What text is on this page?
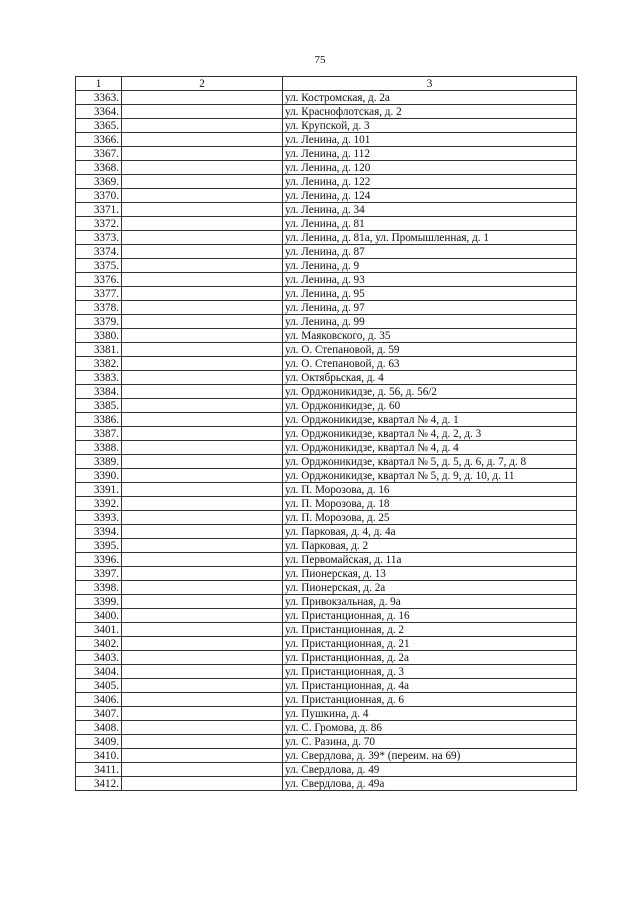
75
1	2	3
3363.		ул. Костромская, д. 2а
3364.		ул. Краснофлотская, д. 2
3365.		ул. Крупской, д. 3
3366.		ул. Ленина, д. 101
3367.		ул. Ленина, д. 112
3368.		ул. Ленина, д. 120
3369.		ул. Ленина, д. 122
3370.		ул. Ленина, д. 124
3371.		ул. Ленина, д. 34
3372.		ул. Ленина, д. 81
3373.		ул. Ленина, д. 81а, ул. Промышленная, д. 1
3374.		ул. Ленина, д. 87
3375.		ул. Ленина, д. 9
3376.		ул. Ленина, д. 93
3377.		ул. Ленина, д. 95
3378.		ул. Ленина, д. 97
3379.		ул. Ленина, д. 99
3380.		ул. Маяковского, д. 35
3381.		ул. О. Степановой, д. 59
3382.		ул. О. Степановой, д. 63
3383.		ул. Октябрьская, д. 4
3384.		ул. Орджоникидзе, д. 56, д. 56/2
3385.		ул. Орджоникидзе, д. 60
3386.		ул. Орджоникидзе, квартал № 4, д. 1
3387.		ул. Орджоникидзе, квартал № 4, д. 2, д. 3
3388.		ул. Орджоникидзе, квартал № 4, д. 4
3389.		ул. Орджоникидзе, квартал № 5, д. 5, д. 6, д. 7, д. 8
3390.		ул. Орджоникидзе, квартал № 5, д. 9, д. 10, д. 11
3391.		ул. П. Морозова, д. 16
3392.		ул. П. Морозова, д. 18
3393.		ул. П. Морозова, д. 25
3394.		ул. Парковая, д. 4, д. 4а
3395.		ул. Парковая, д. 2
3396.		ул. Первомайская, д. 11а
3397.		ул. Пионерская, д. 13
3398.		ул. Пионерская, д. 2а
3399.		ул. Привокзальная, д. 9а
3400.		ул. Пристанционная, д. 16
3401.		ул. Пристанционная, д. 2
3402.		ул. Пристанционная, д. 21
3403.		ул. Пристанционная, д. 2а
3404.		ул. Пристанционная, д. 3
3405.		ул. Пристанционная, д. 4а
3406.		ул. Пристанционная, д. 6
3407.		ул. Пушкина, д. 4
3408.		ул. С. Громова, д. 86
3409.		ул. С. Разина, д. 70
3410.		ул. Свердлова, д. 39* (переим. на 69)
3411.		ул. Свердлова, д. 49
3412.		ул. Свердлова, д. 49а
